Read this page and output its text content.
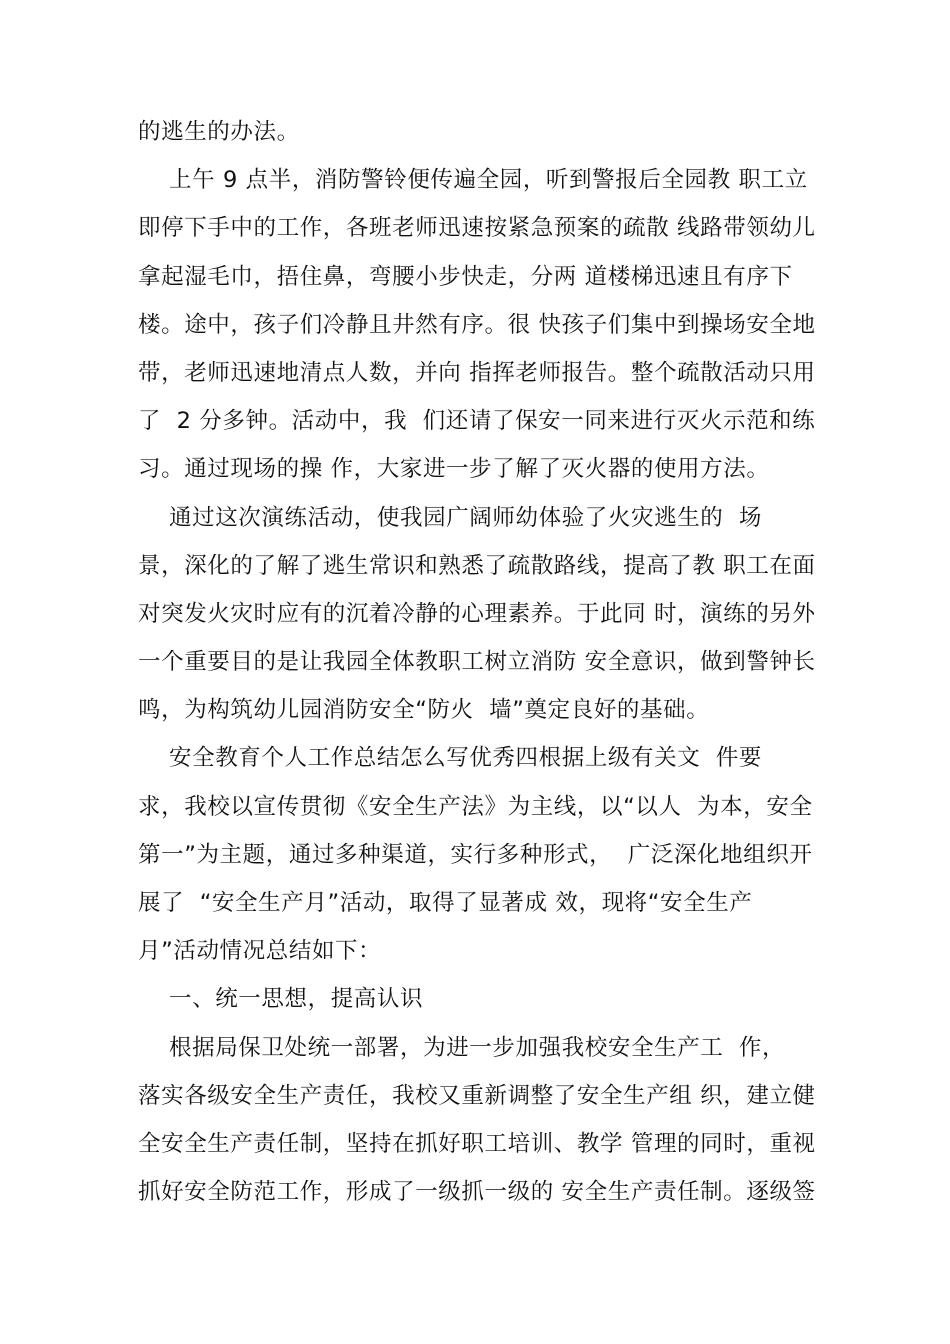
的逃生的办法。
上午 9 点半，消防警铃便传遍全园，听到警报后全园教 职工立
即停下手中的工作，各班老师迅速按紧急预案的疏散 线路带领幼儿
拿起湿毛巾，捂住鼻，弯腰小步快走，分两 道楼梯迅速且有序下
楼。途中，孩子们冷静且井然有序。很 快孩子们集中到操场安全地
带，老师迅速地清点人数，并向 指挥老师报告。整个疏散活动只用
了  2 分多钟。活动中，我  们还请了保安一同来进行灭火示范和练
习。通过现场的操 作，大家进一步了解了灭火器的使用方法。
通过这次演练活动，使我园广阔师幼体验了火灾逃生的  场
景，深化的了解了逃生常识和熟悉了疏散路线，提高了教 职工在面
对突发火灾时应有的沉着冷静的心理素养。于此同 时，演练的另外
一个重要目的是让我园全体教职工树立消防 安全意识，做到警钟长
鸣，为构筑幼儿园消防安全“防火  墙”奠定良好的基础。
安全教育个人工作总结怎么写优秀四根据上级有关文  件要
求，我校以宣传贯彻《安全生产法》为主线，以“以人  为本，安全
第一”为主题，通过多种渠道，实行多种形式，  广泛深化地组织开
展了  “安全生产月”活动，取得了显著成 效，现将“安全生产
月”活动情况总结如下：
一、统一思想，提高认识
根据局保卫处统一部署，为进一步加强我校安全生产工  作，
落实各级安全生产责任，我校又重新调整了安全生产组 织，建立健
全安全生产责任制，坚持在抓好职工培训、教学 管理的同时，重视
抓好安全防范工作，形成了一级抓一级的 安全生产责任制。逐级签
